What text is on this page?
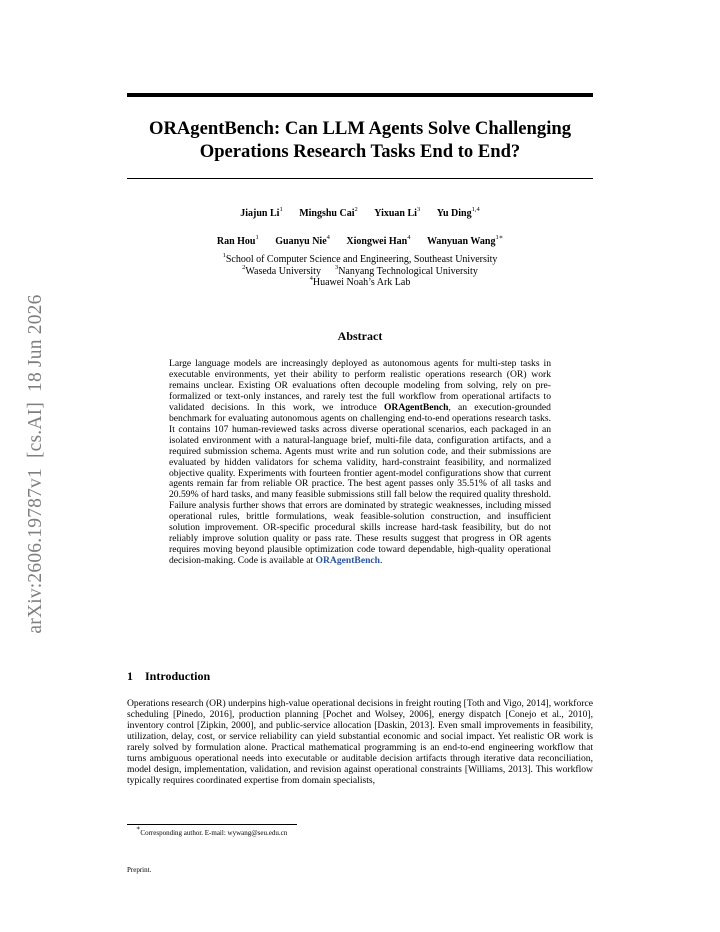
arXiv:2606.19787v1[cs.AI]18 Jun 2026
ORAgentBench: Can LLM Agents Solve Challenging
Operations Research Tasks End to End?
Jiajun Li$^1$ Mingshu Cai$^2$ Yixuan Li$^3$ Yu Ding$^{1,4}$
Ran Hou$^1$ Guanyu Nie$^4$ Xiongwei Han$^4$ Wanyuan Wang$^{1∗}$
$^1$School of Computer Science and Engineering, Southeast University
$^2$Waseda University $^3$Nanyang Technological University
$^4$Huawei Noah’s Ark Lab
Abstract

Large language models are increasingly deployed as autonomous agents for multi-step tasks in executable environments, yet their ability to perform realistic operations research (OR) work remains unclear. Existing OR evaluations often decouple modeling from solving, rely on pre-formalized or text-only instances, and rarely test the full workflow from operational artifacts to validated decisions. In this work, we introduce ORAgentBench, an execution-grounded benchmark for evaluating autonomous agents on challenging end-to-end operations research tasks. It contains 107 human-reviewed tasks across diverse operational scenarios, each packaged in an isolated environment with a natural-language brief, multi-file data, configuration artifacts, and a required submission schema. Agents must write and run solution code, and their submissions are evaluated by hidden validators for schema validity, hard-constraint feasibility, and normalized objective quality. Experiments with fourteen frontier agent-model configurations show that current agents remain far from reliable OR practice. The best agent passes only 35.51% of all tasks and 20.59% of hard tasks, and many feasible submissions still fall below the required quality threshold. Failure analysis further shows that errors are dominated by strategic weaknesses, including missed operational rules, brittle formulations, weak feasible-solution construction, and insufficient solution improvement. OR-specific procedural skills increase hard-task feasibility, but do not reliably improve solution quality or pass rate. These results suggest that progress in OR agents requires moving beyond plausible optimization code toward dependable, high-quality operational decision-making. Code is available at ORAgentBench.

1 Introduction

Operations research (OR) underpins high-value operational decisions in freight routing [Toth and Vigo, 2014], workforce scheduling [Pinedo, 2016], production planning [Pochet and Wolsey, 2006], energy dispatch [Conejo et al., 2010], inventory control [Zipkin, 2000], and public-service allocation [Daskin, 2013]. Even small improvements in feasibility, utilization, delay, cost, or service reliability can yield substantial economic and social impact. Yet realistic OR work is rarely solved by formulation alone. Practical mathematical programming is an end-to-end engineering workflow that turns ambiguous operational needs into executable or auditable decision artifacts through iterative data reconciliation, model design, implementation, validation, and revision against operational constraints [Williams, 2013]. This workflow typically requires coordinated expertise from domain specialists,

∗Corresponding author. E-mail: wywang@seu.edu.cn
Preprint.
